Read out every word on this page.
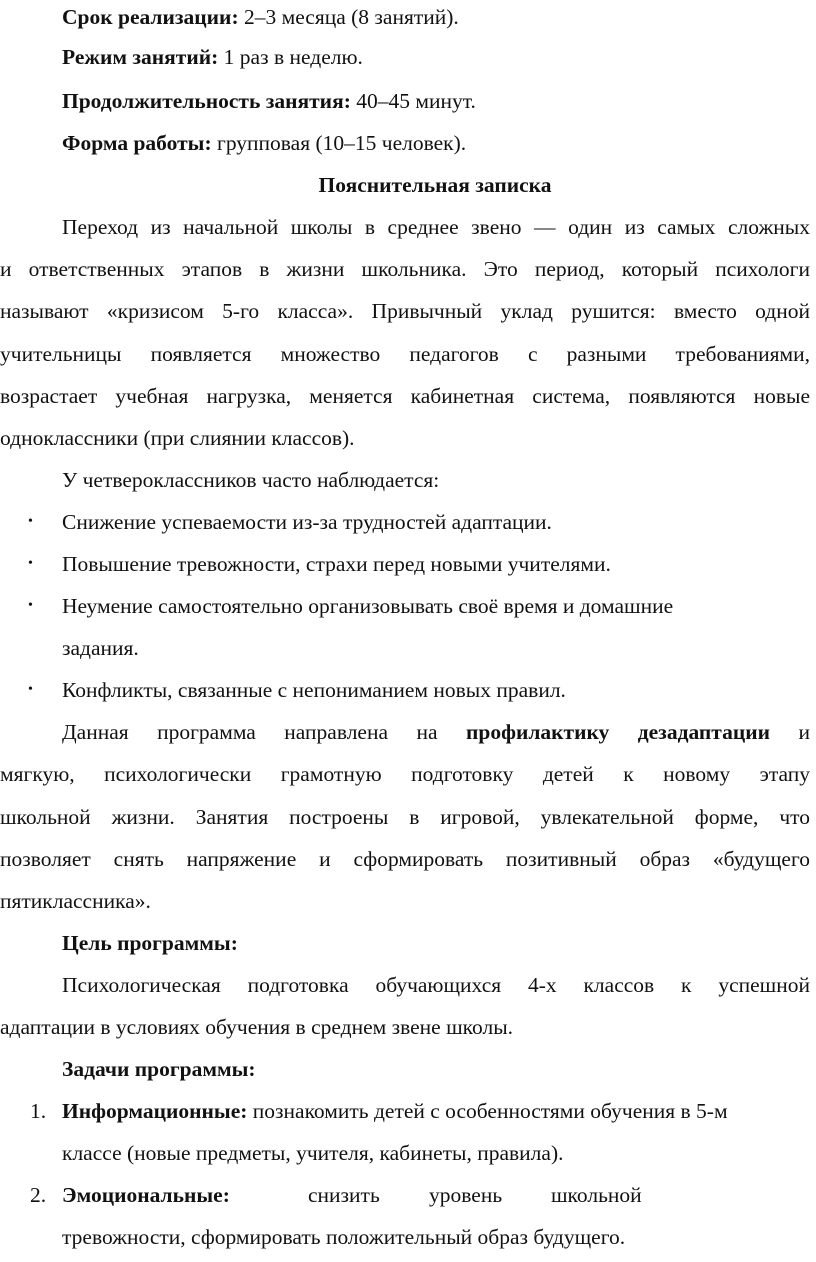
Срок реализации: 2–3 месяца (8 занятий).
Режим занятий: 1 раз в неделю.
Продолжительность занятия: 40–45 минут.
Форма работы: групповая (10–15 человек).
Пояснительная записка
Переход из начальной школы в среднее звено — один из самых сложных
и ответственных этапов в жизни школьника. Это период, который психологи
называют «кризисом 5-го класса». Привычный уклад рушится: вместо одной
учительницы появляется множество педагогов с разными требованиями,
возрастает учебная нагрузка, меняется кабинетная система, появляются новые
одноклассники (при слиянии классов).
У четвероклассников часто наблюдается:
• Снижение успеваемости из-за трудностей адаптации.
• Повышение тревожности, страхи перед новыми учителями.
• Неумение самостоятельно организовывать своё время и домашние
задания.
• Конфликты, связанные с непониманием новых правил.
Данная программа направлена на профилактику дезадаптации и
мягкую, психологически грамотную подготовку детей к новому этапу
школьной жизни. Занятия построены в игровой, увлекательной форме, что
позволяет снять напряжение и сформировать позитивный образ «будущего
пятиклассника».
Цель программы:
Психологическая подготовка обучающихся 4-х классов к успешной
адаптации в условиях обучения в среднем звене школы.
Задачи программы:
1. Информационные: познакомить детей с особенностями обучения в 5-м
классе (новые предметы, учителя, кабинеты, правила).
2. Эмоциональные:	снизить уровень школьной
тревожности, сформировать положительный образ будущего.
